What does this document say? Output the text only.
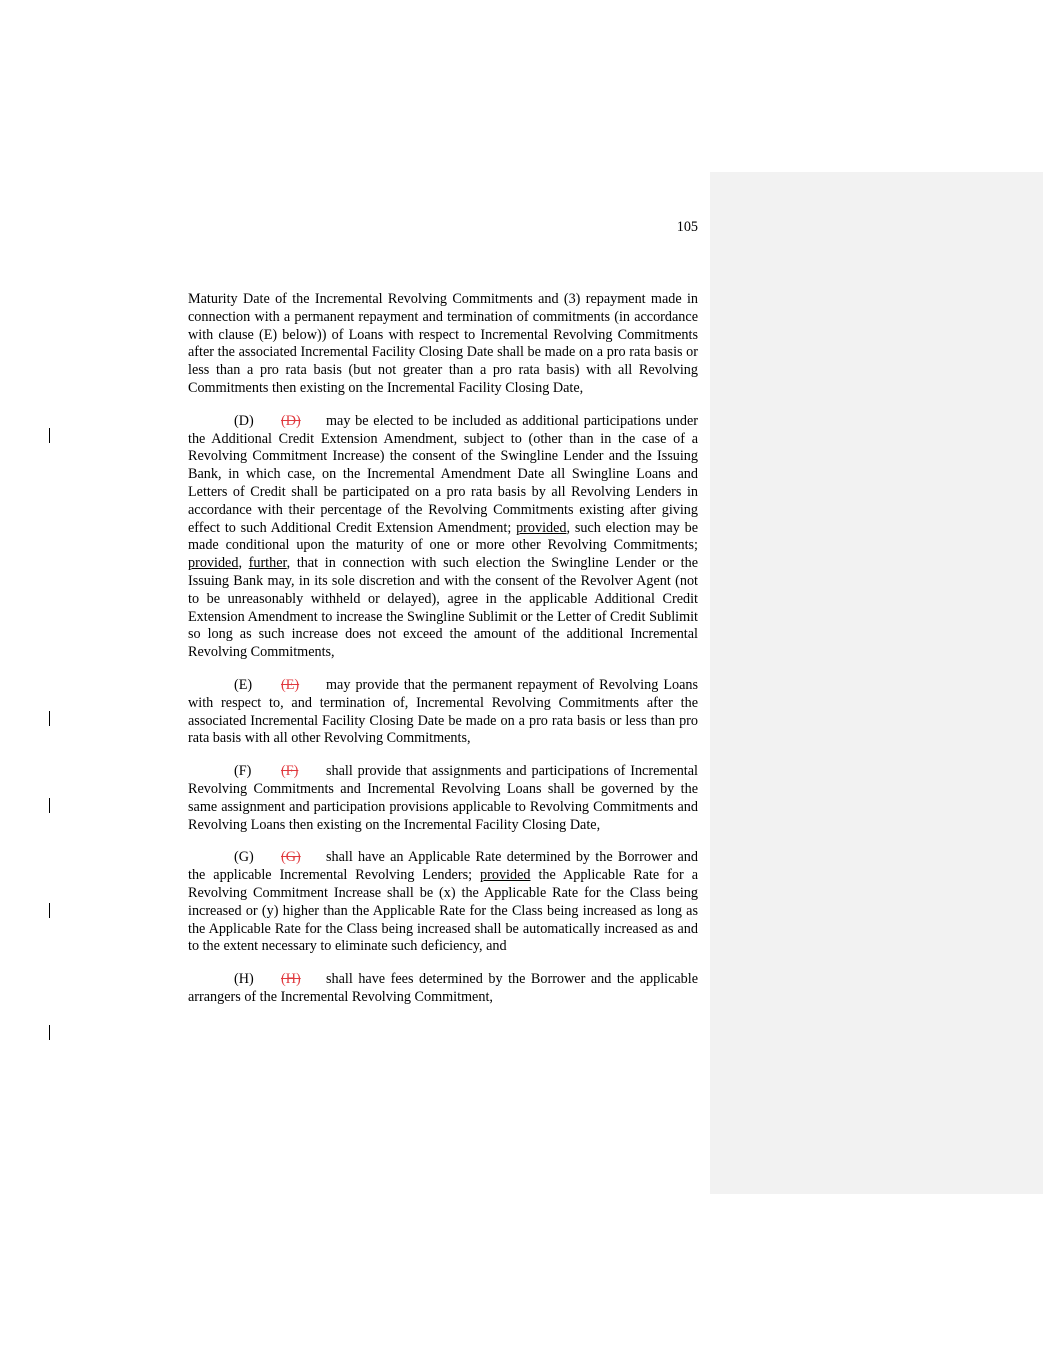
105

Maturity Date of the Incremental Revolving Commitments and (3) repayment made in connection with a permanent repayment and termination of commitments (in accordance with clause (E) below)) of Loans with respect to Incremental Revolving Commitments after the associated Incremental Facility Closing Date shall be made on a pro rata basis or less than a pro rata basis (but not greater than a pro rata basis) with all Revolving Commitments then existing on the Incremental Facility Closing Date,

(D) (D) may be elected to be included as additional participations under the Additional Credit Extension Amendment, subject to (other than in the case of a Revolving Commitment Increase) the consent of the Swingline Lender and the Issuing Bank, in which case, on the Incremental Amendment Date all Swingline Loans and Letters of Credit shall be participated on a pro rata basis by all Revolving Lenders in accordance with their percentage of the Revolving Commitments existing after giving effect to such Additional Credit Extension Amendment; provided, such election may be made conditional upon the maturity of one or more other Revolving Commitments; provided, further, that in connection with such election the Swingline Lender or the Issuing Bank may, in its sole discretion and with the consent of the Revolver Agent (not to be unreasonably withheld or delayed), agree in the applicable Additional Credit Extension Amendment to increase the Swingline Sublimit or the Letter of Credit Sublimit so long as such increase does not exceed the amount of the additional Incremental Revolving Commitments,

(E) (E) may provide that the permanent repayment of Revolving Loans with respect to, and termination of, Incremental Revolving Commitments after the associated Incremental Facility Closing Date be made on a pro rata basis or less than pro rata basis with all other Revolving Commitments,

(F) (F) shall provide that assignments and participations of Incremental Revolving Commitments and Incremental Revolving Loans shall be governed by the same assignment and participation provisions applicable to Revolving Commitments and Revolving Loans then existing on the Incremental Facility Closing Date,

(G) (G) shall have an Applicable Rate determined by the Borrower and the applicable Incremental Revolving Lenders; provided the Applicable Rate for a Revolving Commitment Increase shall be (x) the Applicable Rate for the Class being increased or (y) higher than the Applicable Rate for the Class being increased as long as the Applicable Rate for the Class being increased shall be automatically increased as and to the extent necessary to eliminate such deficiency, and

(H) (H) shall have fees determined by the Borrower and the applicable arrangers of the Incremental Revolving Commitment,
